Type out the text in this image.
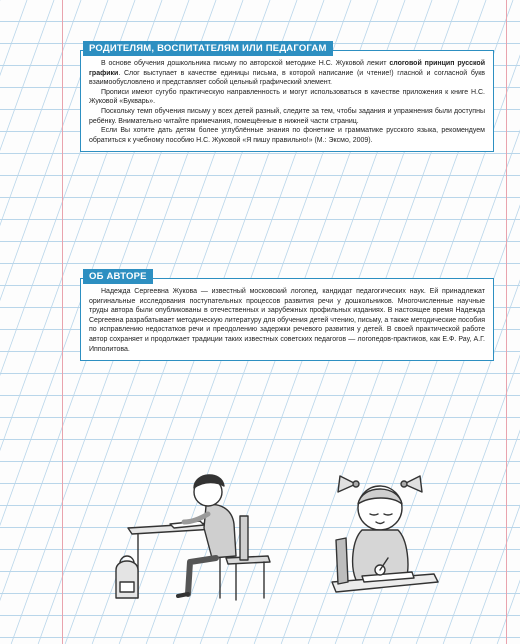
РОДИТЕЛЯМ, ВОСПИТАТЕЛЯМ ИЛИ ПЕДАГОГАМ

В основе обучения дошкольника письму по авторской методике Н.С. Жуковой лежит слоговой принцип русской графики. Слог выступает в качестве единицы письма, в которой написание (и чтение!) гласной и согласной букв взаимообусловлено и представляет собой цельный графический элемент.

Прописи имеют сугубо практическую направленность и могут использоваться в качестве приложения к книге Н.С. Жуковой «Букварь».

Поскольку темп обучения письму у всех детей разный, следите за тем, чтобы задания и упражнения были доступны ребёнку. Внимательно читайте примечания, помещённые в нижней части страниц.

Если Вы хотите дать детям более углублённые знания по фонетике и грамматике русского языка, рекомендуем обратиться к учебному пособию Н.С. Жуковой «Я пишу правильно!» (М.: Эксмо, 2009).

ОБ АВТОРЕ

Надежда Сергеевна Жукова — известный московский логопед, кандидат педагогических наук. Ей принадлежат оригинальные исследования поступательных процессов развития речи у дошкольников. Многочисленные научные труды автора были опубликованы в отечественных и зарубежных профильных изданиях. В настоящее время Надежда Сергеевна разрабатывает методическую литературу для обучения детей чтению, письму, а также методические пособия по исправлению недостатков речи и преодолению задержки речевого развития у детей. В своей практической работе автор сохраняет и продолжает традиции таких известных советских педагогов — логопедов-практиков, как Е.Ф. Рау, А.Г. Ипполитова.
